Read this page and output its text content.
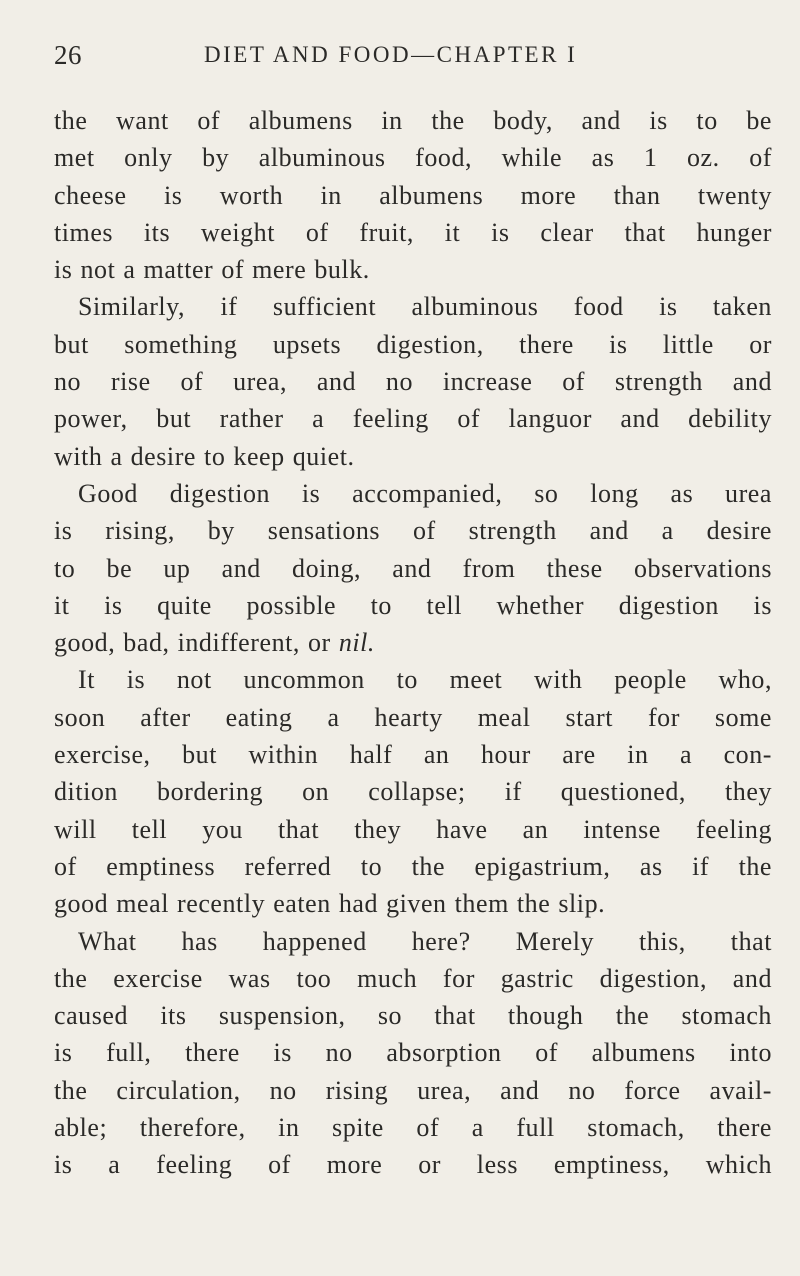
26	DIET AND FOOD—CHAPTER I
the want of albumens in the body, and is to be
met only by albuminous food, while as 1 oz. of
cheese is worth in albumens more than twenty
times its weight of fruit, it is clear that hunger
is not a matter of mere bulk.
Similarly, if sufficient albuminous food is taken
but something upsets digestion, there is little or
no rise of urea, and no increase of strength and
power, but rather a feeling of languor and debility
with a desire to keep quiet.
Good digestion is accompanied, so long as urea
is rising, by sensations of strength and a desire
to be up and doing, and from these observations
it is quite possible to tell whether digestion is
good, bad, indifferent, or nil.
It is not uncommon to meet with people who,
soon after eating a hearty meal start for some
exercise, but within half an hour are in a con-
dition bordering on collapse; if questioned, they
will tell you that they have an intense feeling
of emptiness referred to the epigastrium, as if the
good meal recently eaten had given them the slip.
What has happened here? Merely this, that
the exercise was too much for gastric digestion, and
caused its suspension, so that though the stomach
is full, there is no absorption of albumens into
the circulation, no rising urea, and no force avail-
able; therefore, in spite of a full stomach, there
is a feeling of more or less emptiness, which
